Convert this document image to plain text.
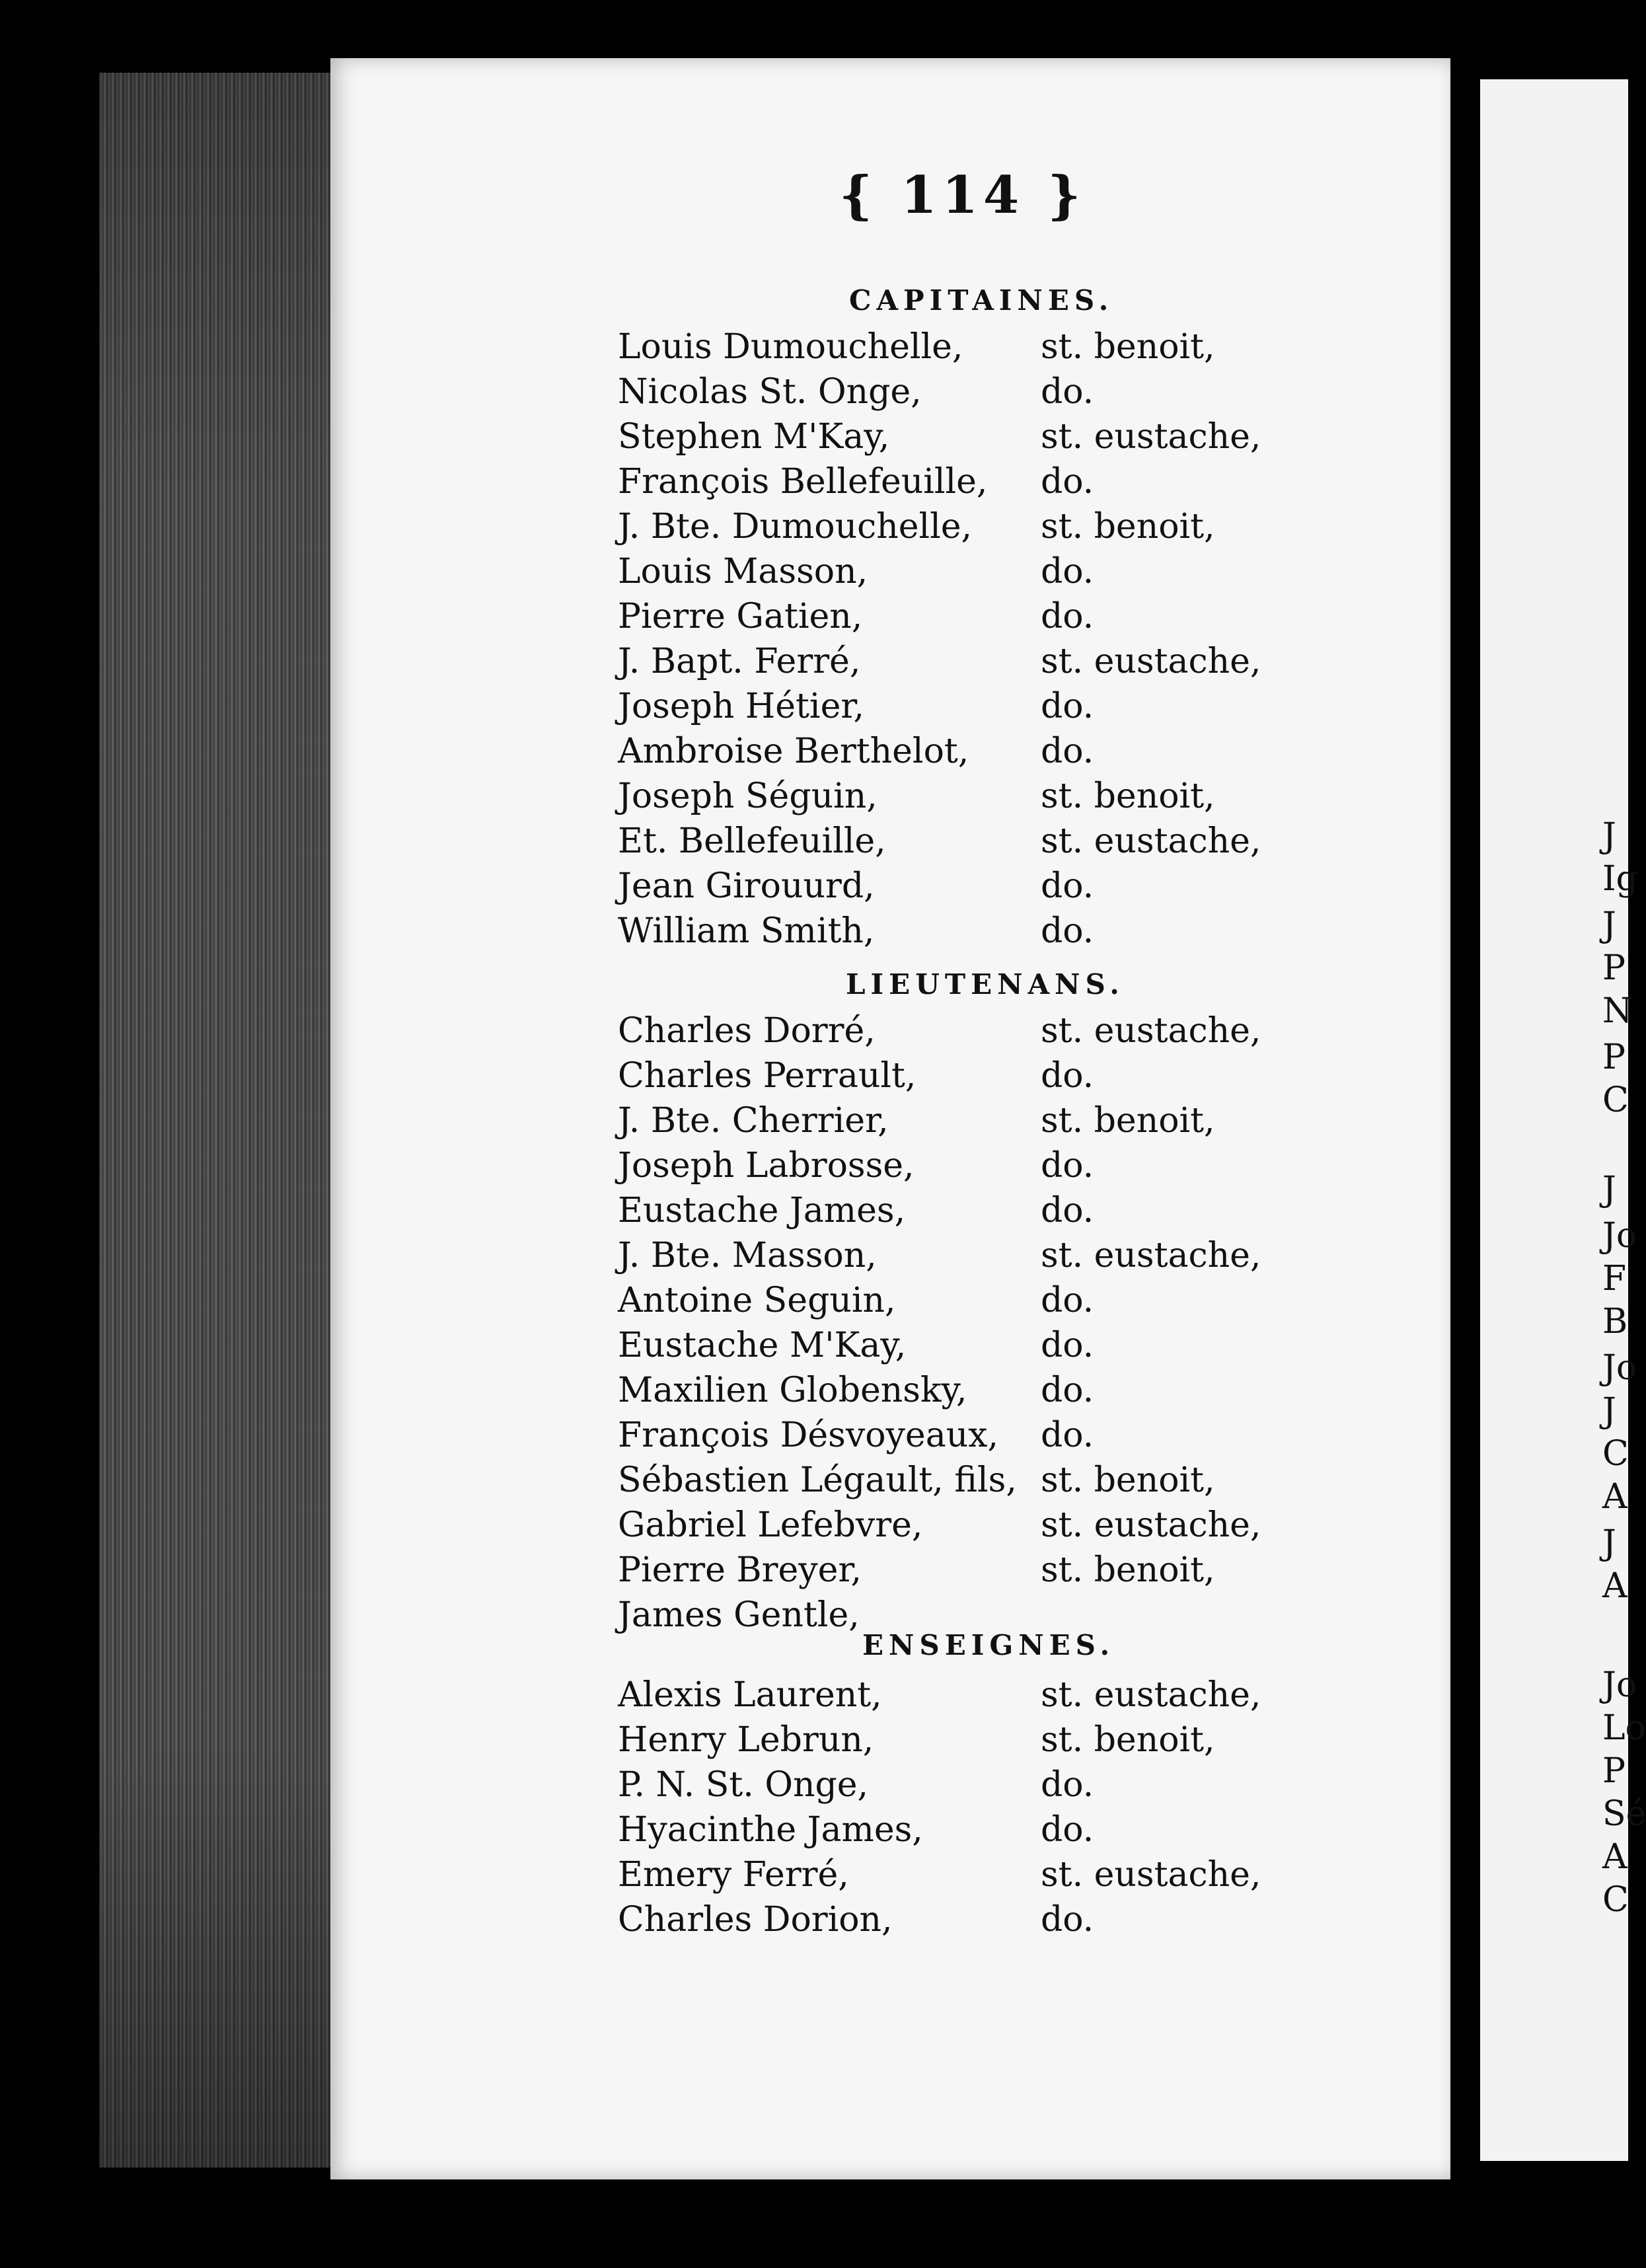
{ 114 }
CAPITAINES.
Louis Dumouchelle, st. benoit,
Nicolas St. Onge,	do.
Stephen M'Kay,	st. eustache,
François Bellefeuille, do.
J. Bte. Dumouchelle, st. benoit,
Louis Masson,	do.
Pierre Gatien,	do.
J. Bapt. Ferré,	st. eustache,
Joseph Hétier,	do.
Ambroise Berthelot, do.
Joseph Séguin,	st. benoit,
Et. Bellefeuille,	st. eustache,
Jean Girouurd,	do.
William Smith,	do.
LIEUTENANS.
Charles Dorré,	st. eustache,
Charles Perrault,	do.
J. Bte. Cherrier,	st. benoit,
Joseph Labrosse,	do.
Eustache James,	do.
J. Bte. Masson,	st. eustache,
Antoine Seguin,	do.
Eustache M'Kay,	do.
Maxilien Globensky, do.
François Désvoyeaux, do.
Sébastien Légault, fils, st. benoit,
Gabriel Lefebvre,	st. eustache,
Pierre Breyer,	st. benoit,
James Gentle,
ENSEIGNES.
Alexis Laurent,	st. eustache,
Henry Lebrun,	st. benoit,
P. N. St. Onge,	do.
Hyacinthe James,	do.
Emery Ferré,	st. eustache,
Charles Dorion,	do.
J
Ig
J
P
N
P
C
J
Jo
F
B
Jo
J
C
A
J
A
Jo
Lo
P
Sé
A
C
